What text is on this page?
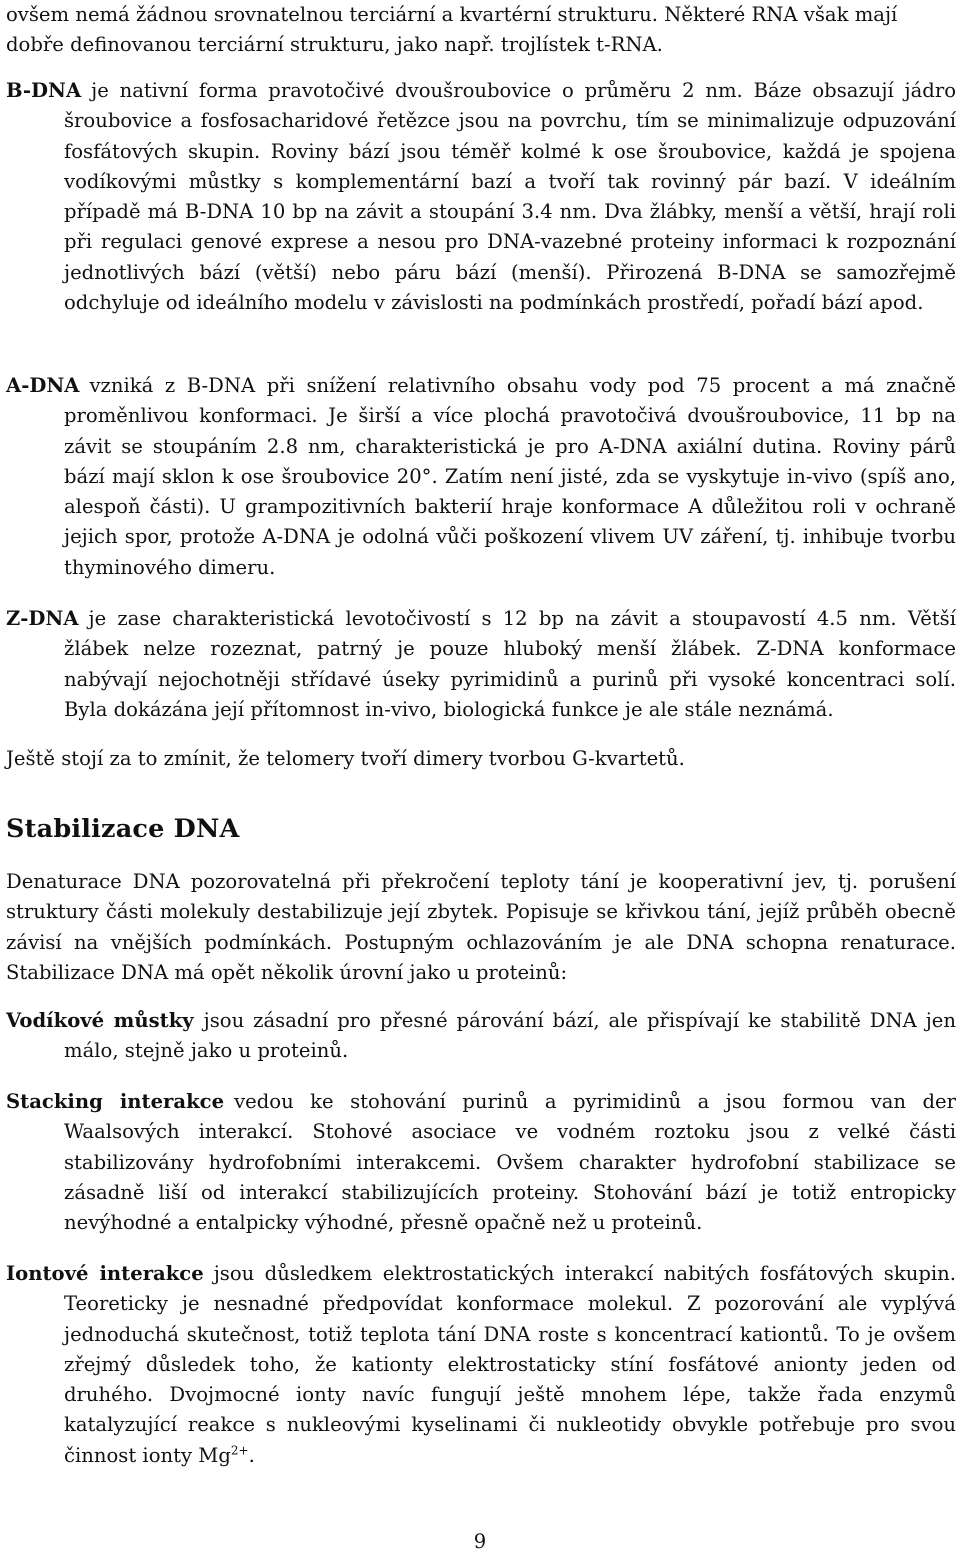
ovšem nemá žádnou srovnatelnou terciární a kvartérní strukturu. Některé RNA však mají
dobře definovanou terciární strukturu, jako např. trojlístek t-RNA.

B-DNA je nativní forma pravotočivé dvoušroubovice o průměru 2 nm. Báze obsazují jádro šroubovice a fosfosacharidové řetězce jsou na povrchu, tím se minimalizuje odpuzování fosfátových skupin. Roviny bází jsou téměř kolmé k ose šroubovice, každá je spojena vodíkovými můstky s komplementární bazí a tvoří tak rovinný pár bazí. V ideálním případě má B-DNA 10 bp na závit a stoupání 3.4 nm. Dva žlábky, menší a větší, hrají roli při regulaci genové exprese a nesou pro DNA-vazebné proteiny informaci k rozpoznání jednotlivých bází (větší) nebo páru bází (menší). Přirozená B-DNA se samozřejmě odchyluje od ideálního modelu v závislosti na podmínkách prostředí, pořadí bází apod.

A-DNA vzniká z B-DNA při snížení relativního obsahu vody pod 75 procent a má značně proměnlivou konformaci. Je širší a více plochá pravotočivá dvoušroubovice, 11 bp na závit se stoupáním 2.8 nm, charakteristická je pro A-DNA axiální dutina. Roviny párů bází mají sklon k ose šroubovice 20°. Zatím není jisté, zda se vyskytuje in-vivo (spíš ano, alespoň části). U grampozitivních bakterií hraje konformace A důležitou roli v ochraně jejich spor, protože A-DNA je odolná vůči poškození vlivem UV záření, tj. inhibuje tvorbu thyminového dimeru.

Z-DNA je zase charakteristická levotočivostí s 12 bp na závit a stoupavostí 4.5 nm. Větší žlábek nelze rozeznat, patrný je pouze hluboký menší žlábek. Z-DNA konformace nabývají nejochotněji střídavé úseky pyrimidinů a purinů při vysoké koncentraci solí. Byla dokázána její přítomnost in-vivo, biologická funkce je ale stále neznámá.

Ještě stojí za to zmínit, že telomery tvoří dimery tvorbou G-kvartetů.

Stabilizace DNA

Denaturace DNA pozorovatelná při překročení teploty tání je kooperativní jev, tj. porušení struktury části molekuly destabilizuje její zbytek. Popisuje se křivkou tání, jejíž průběh obecně závisí na vnějších podmínkách. Postupným ochlazováním je ale DNA schopna renaturace. Stabilizace DNA má opět několik úrovní jako u proteinů:

Vodíkové můstky jsou zásadní pro přesné párování bází, ale přispívají ke stabilitě DNA jen málo, stejně jako u proteinů.

Stacking interakce vedou ke stohování purinů a pyrimidinů a jsou formou van der Waalsových interakcí. Stohové asociace ve vodném roztoku jsou z velké části stabilizovány hydrofobními interakcemi. Ovšem charakter hydrofobní stabilizace se zásadně liší od interakcí stabilizujících proteiny. Stohování bází je totiž entropicky nevýhodné a entalpicky výhodné, přesně opačně než u proteinů.

Iontové interakce jsou důsledkem elektrostatických interakcí nabitých fosfátových skupin. Teoreticky je nesnadné předpovídat konformace molekul. Z pozorování ale vyplývá jednoduchá skutečnost, totiž teplota tání DNA roste s koncentrací kationtů. To je ovšem zřejmý důsledek toho, že kationty elektrostaticky stíní fosfátové anionty jeden od druhého. Dvojmocné ionty navíc fungují ještě mnohem lépe, takže řada enzymů katalyzující reakce s nukleovými kyselinami či nukleotidy obvykle potřebuje pro svou činnost ionty $Mg^{2+}$.

9
